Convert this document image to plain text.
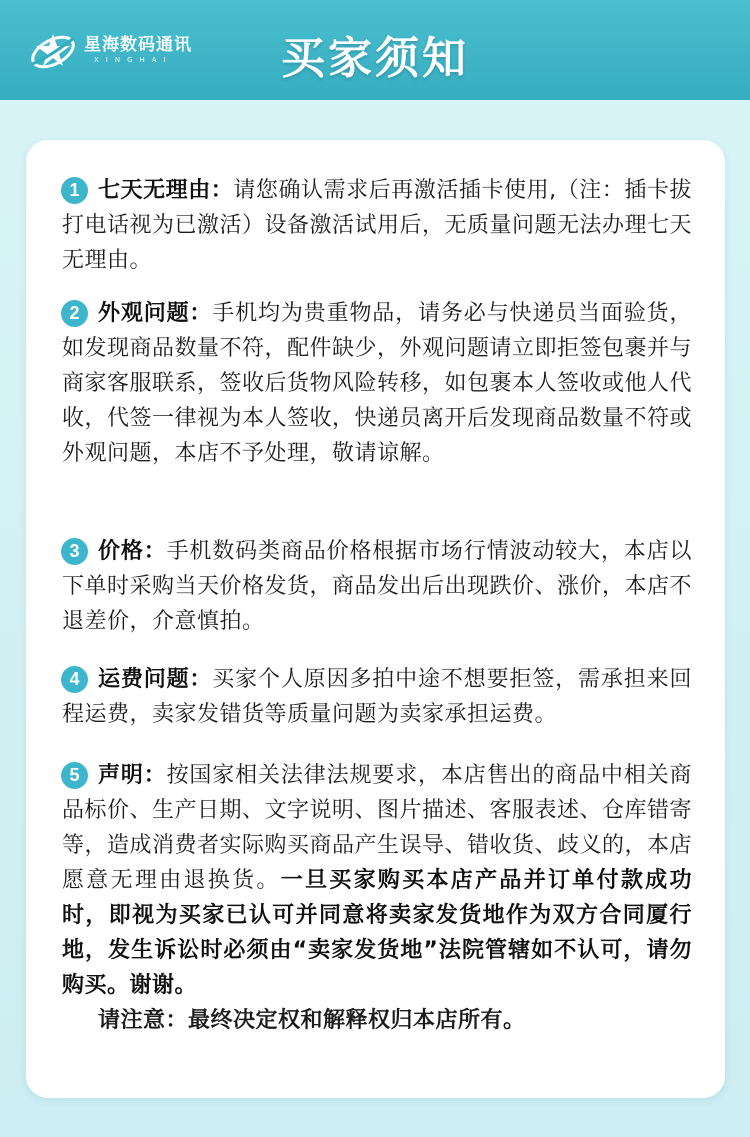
星海数码通讯
XINGHAI	买家须知
1 七天无理由：请您确认需求后再激活插卡使用,（注：插卡拔打电话视为已激活）设备激活试用后，无质量问题无法办理七天无理由。

2 外观问题：手机均为贵重物品，请务必与快递员当面验货，如发现商品数量不符，配件缺少，外观问题请立即拒签包裹并与商家客服联系，签收后货物风险转移，如包裹本人签收或他人代收，代签一律视为本人签收，快递员离开后发现商品数量不符或外观问题，本店不予处理，敬请谅解。

3 价格：手机数码类商品价格根据市场行情波动较大，本店以下单时采购当天价格发货，商品发出后出现跌价、涨价，本店不退差价，介意慎拍。

4 运费问题：买家个人原因多拍中途不想要拒签，需承担来回程运费，卖家发错货等质量问题为卖家承担运费。

5 声明：按国家相关法律法规要求，本店售出的商品中相关商品标价、生产日期、文字说明、图片描述、客服表述、仓库错寄等，造成消费者实际购买商品产生误导、错收货、歧义的，本店愿意无理由退换货。一旦买家购买本店产品并订单付款成功时，即视为买家已认可并同意将卖家发货地作为双方合同厦行地，发生诉讼时必须由“卖家发货地”法院管辖如不认可，请勿购买。谢谢。

请注意：最终决定权和解释权归本店所有。
